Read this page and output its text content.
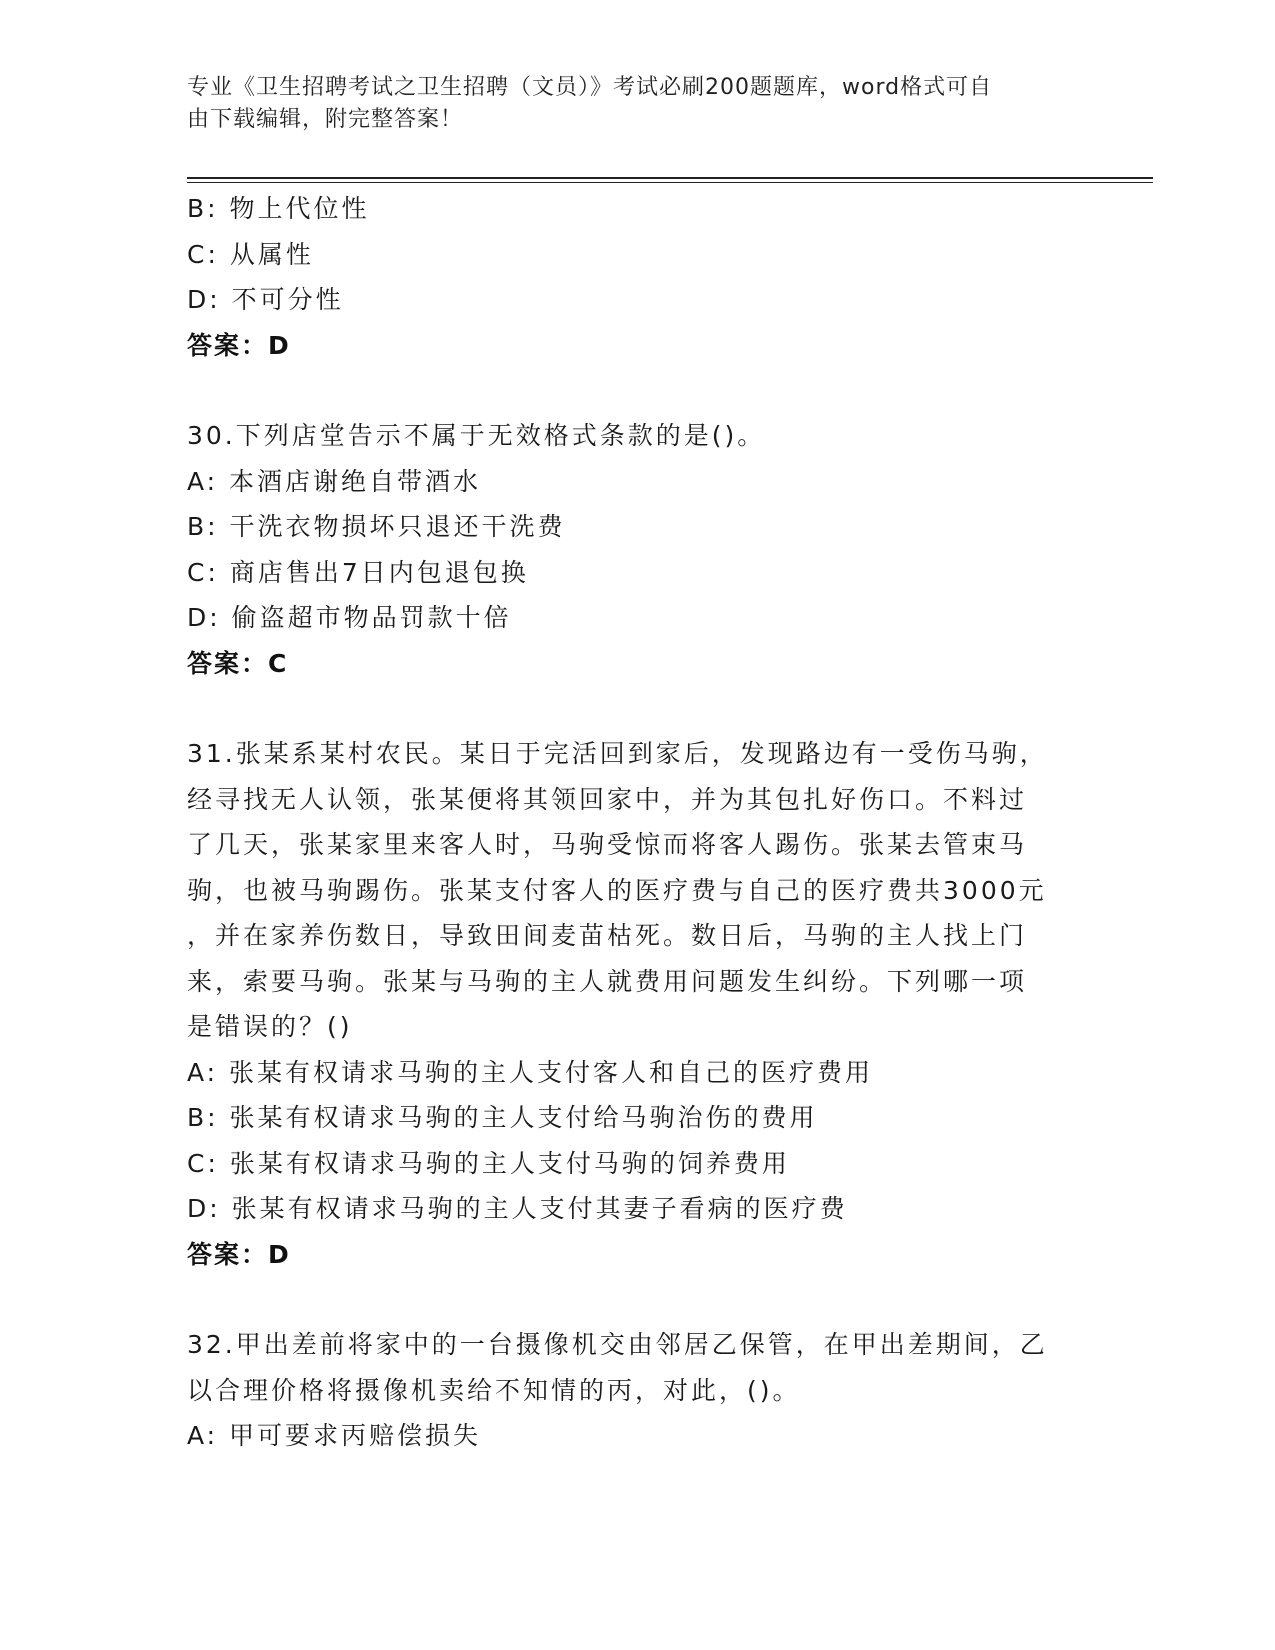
专业《卫生招聘考试之卫生招聘（文员）》考试必刷200题题库，word格式可自
由下载编辑，附完整答案！
B: 物上代位性
C: 从属性
D: 不可分性
答案：D
30.下列店堂告示不属于无效格式条款的是()。
A: 本酒店谢绝自带酒水
B: 干洗衣物损坏只退还干洗费
C: 商店售出7日内包退包换
D: 偷盗超市物品罚款十倍
答案：C
31.张某系某村农民。某日于完活回到家后，发现路边有一受伤马驹，
经寻找无人认领，张某便将其领回家中，并为其包扎好伤口。不料过
了几天，张某家里来客人时，马驹受惊而将客人踢伤。张某去管束马
驹，也被马驹踢伤。张某支付客人的医疗费与自己的医疗费共3000元
，并在家养伤数日，导致田间麦苗枯死。数日后，马驹的主人找上门
来，索要马驹。张某与马驹的主人就费用问题发生纠纷。下列哪一项
是错误的？()
A: 张某有权请求马驹的主人支付客人和自己的医疗费用
B: 张某有权请求马驹的主人支付给马驹治伤的费用
C: 张某有权请求马驹的主人支付马驹的饲养费用
D: 张某有权请求马驹的主人支付其妻子看病的医疗费
答案：D
32.甲出差前将家中的一台摄像机交由邻居乙保管，在甲出差期间，乙
以合理价格将摄像机卖给不知情的丙，对此，()。
A: 甲可要求丙赔偿损失
